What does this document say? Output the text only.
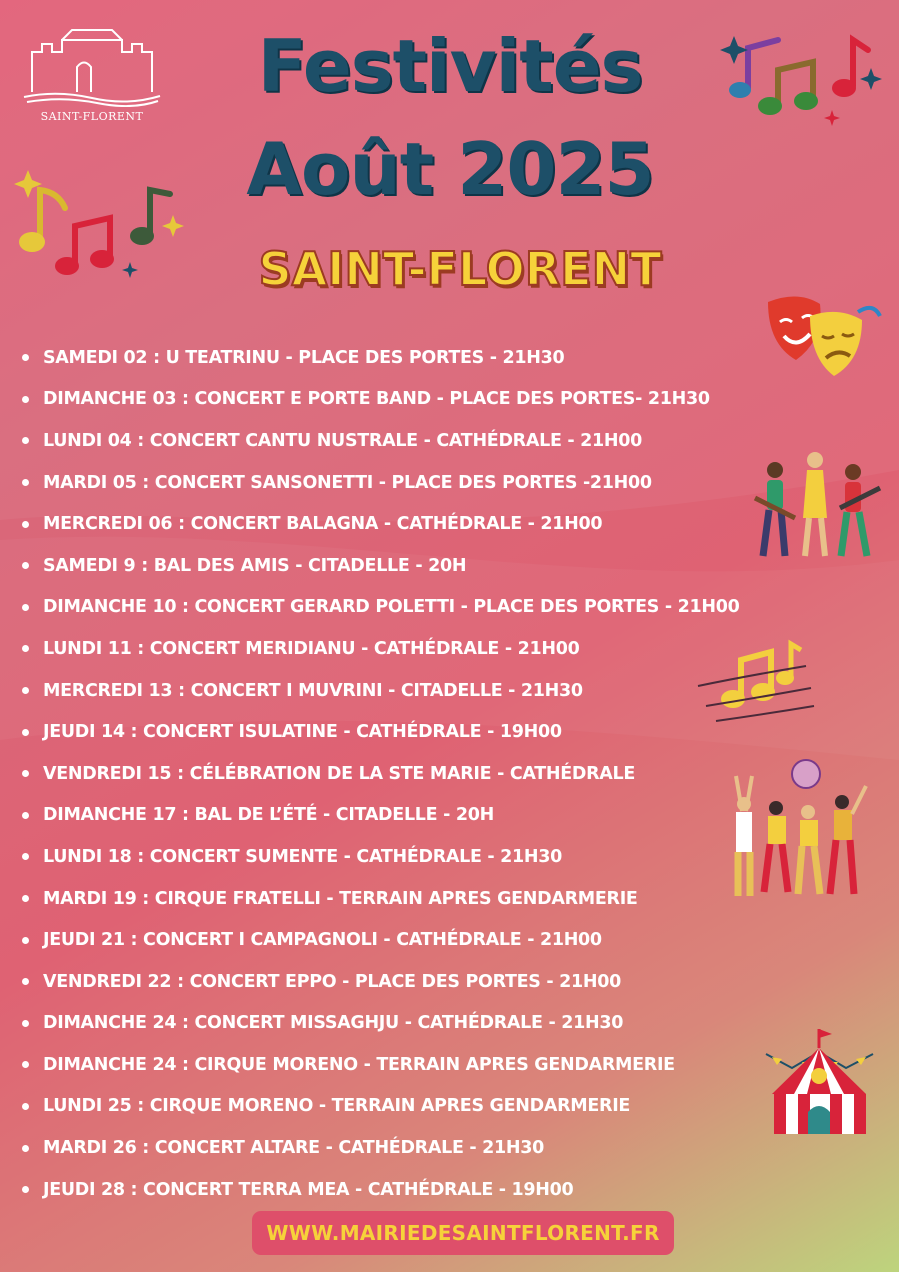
SAINT-FLORENT
Festivités
Août 2025
SAINT-FLORENT
SAMEDI 02 : U TEATRINU - PLACE DES PORTES - 21H30
DIMANCHE 03 : CONCERT E PORTE BAND - PLACE DES PORTES- 21H30
LUNDI 04 : CONCERT CANTU NUSTRALE - CATHÉDRALE - 21H00
MARDI 05 : CONCERT SANSONETTI - PLACE DES PORTES -21H00
MERCREDI 06 : CONCERT BALAGNA - CATHÉDRALE - 21H00
SAMEDI 9 : BAL DES AMIS - CITADELLE - 20H
DIMANCHE 10 : CONCERT GERARD POLETTI - PLACE DES PORTES - 21H00
LUNDI 11 : CONCERT MERIDIANU - CATHÉDRALE - 21H00
MERCREDI 13 : CONCERT I MUVRINI - CITADELLE - 21H30
JEUDI 14 : CONCERT ISULATINE - CATHÉDRALE - 19H00
VENDREDI 15 : CÉLÉBRATION DE LA STE MARIE - CATHÉDRALE
DIMANCHE 17 : BAL DE L’ÉTÉ - CITADELLE - 20H
LUNDI 18 : CONCERT SUMENTE - CATHÉDRALE - 21H30
MARDI 19 : CIRQUE FRATELLI - TERRAIN APRES GENDARMERIE
JEUDI 21 : CONCERT I CAMPAGNOLI - CATHÉDRALE - 21H00
VENDREDI 22 : CONCERT EPPO - PLACE DES PORTES - 21H00
DIMANCHE 24 : CONCERT MISSAGHJU - CATHÉDRALE - 21H30
DIMANCHE 24 : CIRQUE MORENO - TERRAIN APRES GENDARMERIE
LUNDI 25 : CIRQUE MORENO - TERRAIN APRES GENDARMERIE
MARDI 26 : CONCERT ALTARE - CATHÉDRALE - 21H30
JEUDI 28 : CONCERT TERRA MEA - CATHÉDRALE - 19H00
WWW.MAIRIEDESAINTFLORENT.FR
